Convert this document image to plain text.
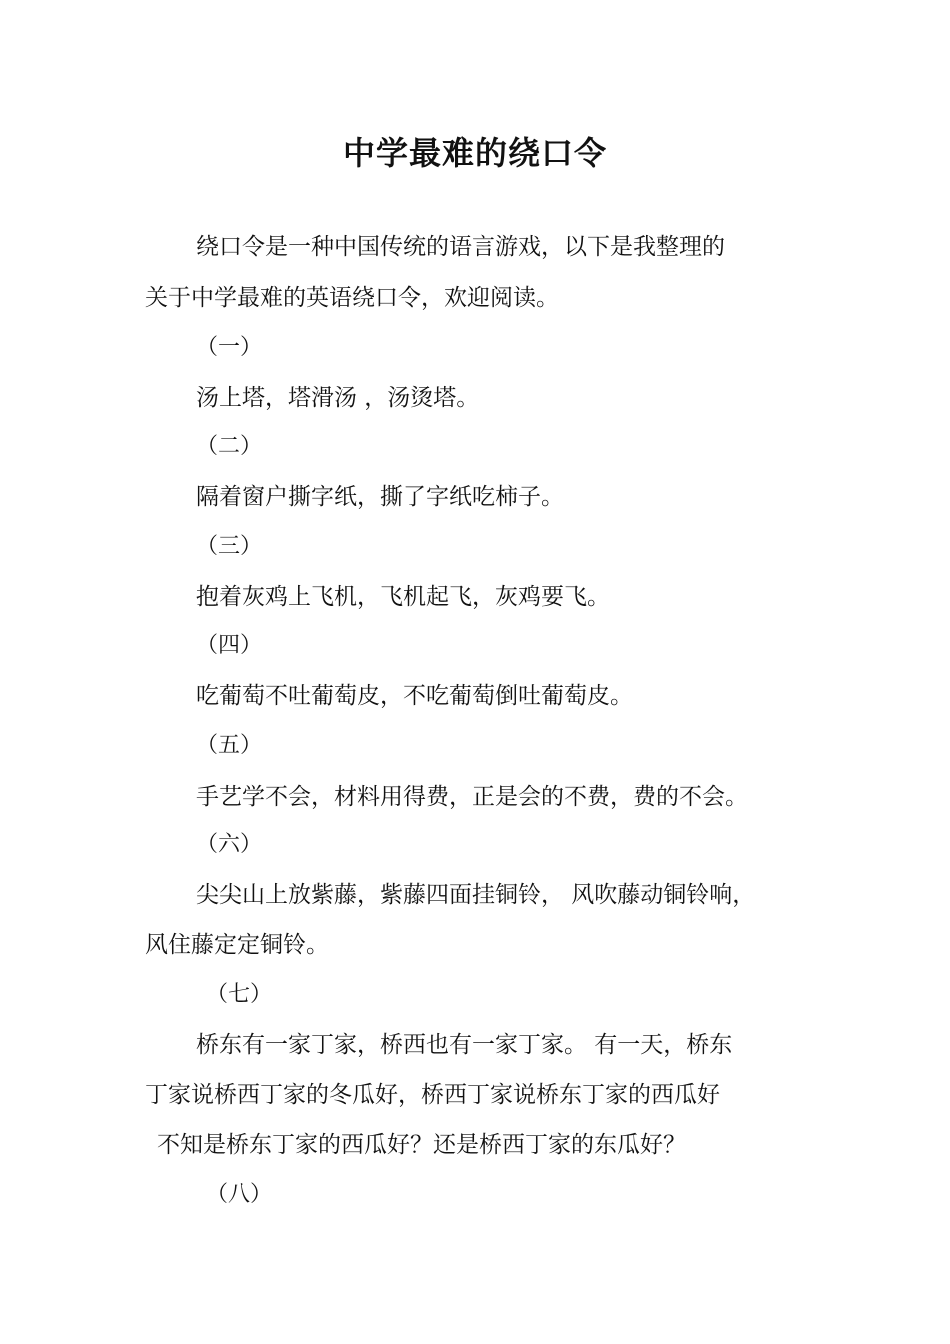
中学最难的绕口令

绕口令是一种中国传统的语言游戏，以下是我整理的

关于中学最难的英语绕口令，欢迎阅读。

（一）

汤上塔，塔滑汤 ，汤烫塔。

（二）

隔着窗户撕字纸，撕了字纸吃柿子。

（三）

抱着灰鸡上飞机，飞机起飞，灰鸡要飞。

（四）

吃葡萄不吐葡萄皮，不吃葡萄倒吐葡萄皮。

（五）

手艺学不会，材料用得费，正是会的不费，费的不会。

（六）

尖尖山上放紫藤，紫藤四面挂铜铃， 风吹藤动铜铃响，

风住藤定定铜铃。

（七）

桥东有一家丁家，桥西也有一家丁家。 有一天，桥东

丁家说桥西丁家的冬瓜好，桥西丁家说桥东丁家的西瓜好

不知是桥东丁家的西瓜好？还是桥西丁家的东瓜好？

（八）
